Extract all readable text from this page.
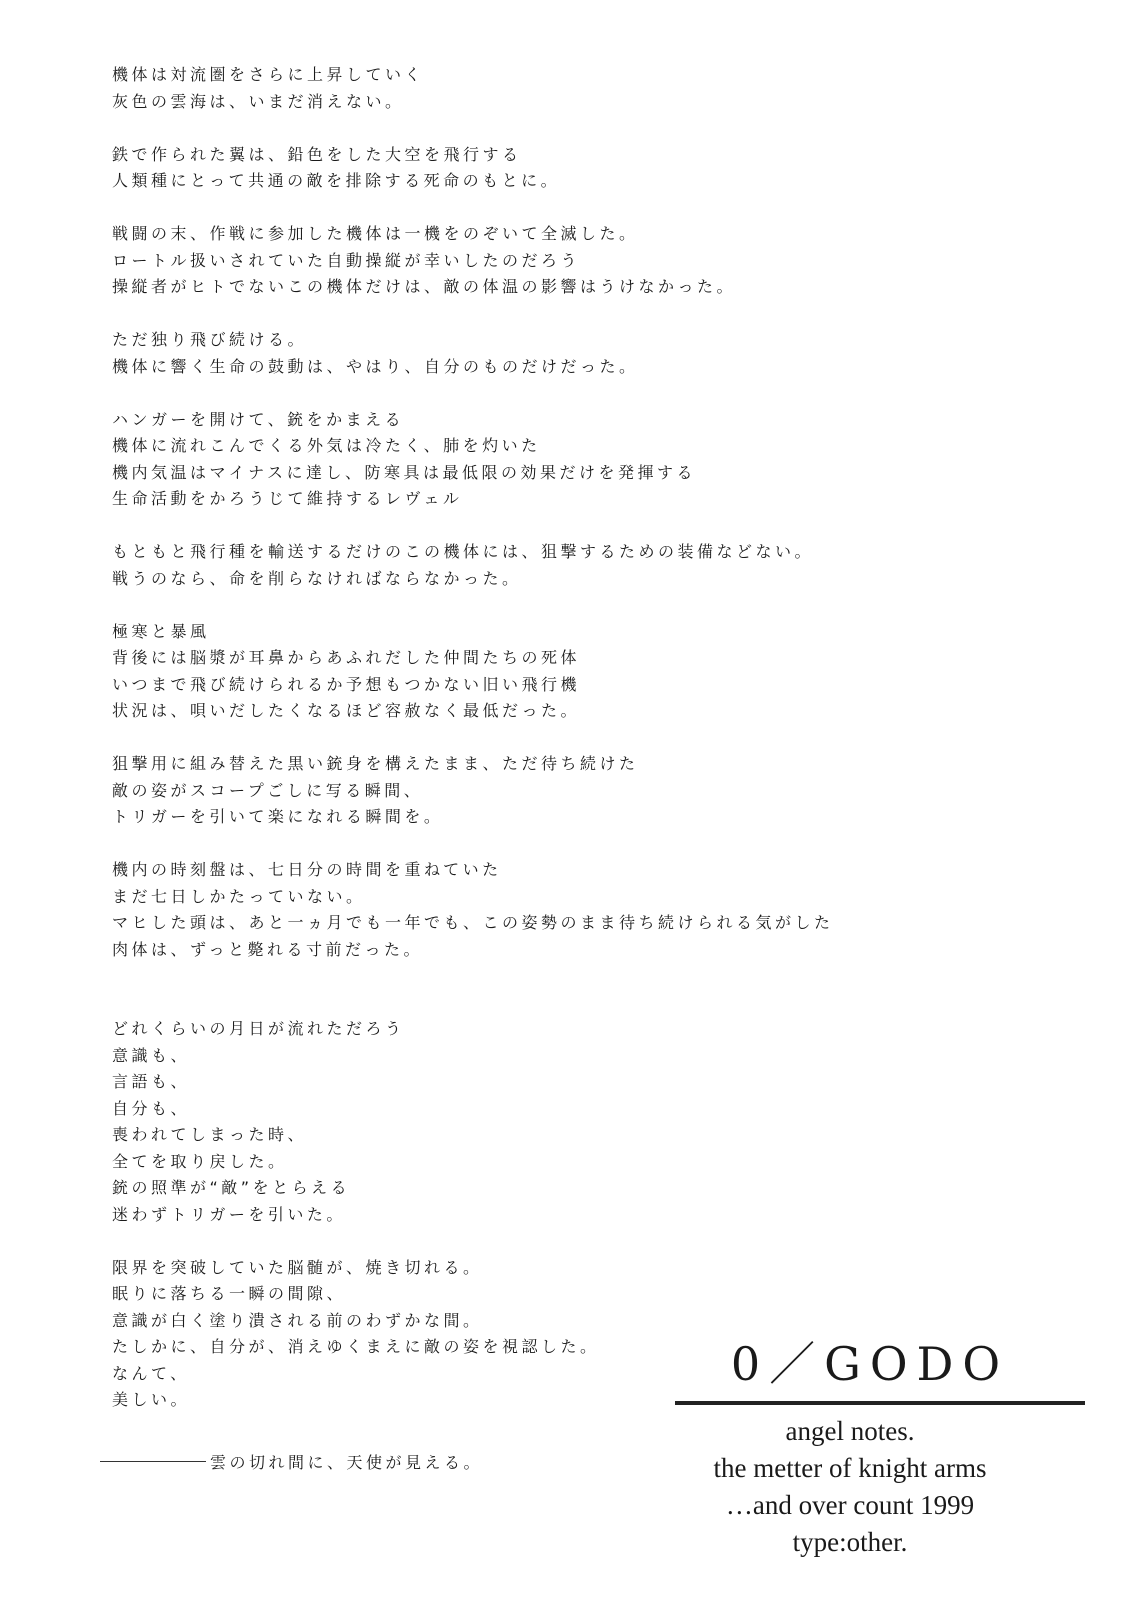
機体は対流圏をさらに上昇していく
灰色の雲海は、いまだ消えない。
鉄で作られた翼は、鉛色をした大空を飛行する
人類種にとって共通の敵を排除する死命のもとに。
戦闘の末、作戦に参加した機体は一機をのぞいて全滅した。
ロートル扱いされていた自動操縦が幸いしたのだろう
操縦者がヒトでないこの機体だけは、敵の体温の影響はうけなかった。
ただ独り飛び続ける。
機体に響く生命の鼓動は、やはり、自分のものだけだった。
ハンガーを開けて、銃をかまえる
機体に流れこんでくる外気は冷たく、肺を灼いた
機内気温はマイナスに達し、防寒具は最低限の効果だけを発揮する
生命活動をかろうじて維持するレヴェル
もともと飛行種を輸送するだけのこの機体には、狙撃するための装備などない。
戦うのなら、命を削らなければならなかった。
極寒と暴風
背後には脳漿が耳鼻からあふれだした仲間たちの死体
いつまで飛び続けられるか予想もつかない旧い飛行機
状況は、唄いだしたくなるほど容赦なく最低だった。
狙撃用に組み替えた黒い銃身を構えたまま、ただ待ち続けた
敵の姿がスコープごしに写る瞬間、
トリガーを引いて楽になれる瞬間を。
機内の時刻盤は、七日分の時間を重ねていた
まだ七日しかたっていない。
マヒした頭は、あと一ヵ月でも一年でも、この姿勢のまま待ち続けられる気がした
肉体は、ずっと斃れる寸前だった。
どれくらいの月日が流れただろう
意識も、
言語も、
自分も、
喪われてしまった時、
全てを取り戻した。
銃の照準が“敵”をとらえる
迷わずトリガーを引いた。
限界を突破していた脳髄が、焼き切れる。
眠りに落ちる一瞬の間隙、
意識が白く塗り潰される前のわずかな間。
たしかに、自分が、消えゆくまえに敵の姿を視認した。
なんて、
美しい。
雲の切れ間に、天使が見える。
0／GODO
angel notes.
the metter of knight arms
…and over count 1999
type:other.
